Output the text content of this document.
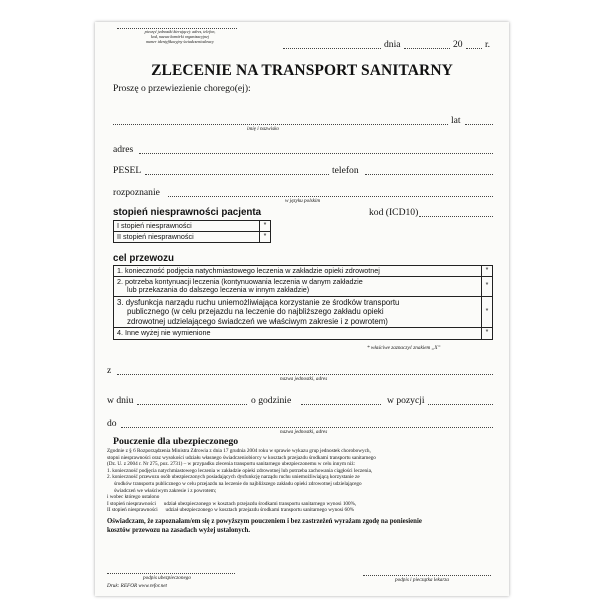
pieczęć jednostki kierującej: adres, telefon,
kod, nazwa komórki organizacyjnej
numer identyfikacyjny świadczeniodawcy	dnia	20 r.
ZLECENIE NA TRANSPORT SANITARNY
Proszę o przewiezienie chorego(ej):
lat
imię i nazwisko
adres
PESEL	telefon
rozpoznanie
w języku polskim
stopień niesprawności pacjenta	kod (ICD10)
I stopień niesprawności	*
II stopień niesprawności	*
cel przewozu
1. konieczność podjęcia natychmiastowego leczenia w zakładzie opieki zdrowotnej	*

2. potrzeba kontynuacji leczenia (kontynuowania leczenia w danym zakładzie
lub przekazania do dalszego leczenia w innym zakładzie)	*

3. dysfunkcja narządu ruchu uniemożliwiająca korzystanie ze środków transportu
publicznego (w celu przejazdu na leczenie do najbliższego zakładu opieki
zdrowotnej udzielającego świadczeń we właściwym zakresie i z powrotem)	*

4. Inne wyżej nie wymienione	*
* właściwe zaznaczyć znakiem „X”
z
nazwa jednostki, adres
w dniu	o godzinie	w pozycji
do
nazwa jednostki, adres
Pouczenie dla ubezpieczonego
Zgodnie z § 6 Rozporządzenia Ministra Zdrowia z dnia 17 grudnia 2004 roku w sprawie wykazu grup jednostek chorobowych,
stopni niesprawności oraz wysokości udziału własnego świadczeniobiorcy w kosztach przejazdu środkami transportu sanitarnego
(Dz. U. z 2004 r. Nr 275, poz. 2731) – w przypadku zlecenia transportu sanitarnego ubezpieczonemu w celu innym niż:
1. konieczność podjęcia natychmiastowego leczenia w zakładzie opieki zdrowotnej lub potrzeba zachowania ciągłości leczenia,
2. konieczność przewozu osób ubezpieczonych posiadających dysfunkcję narządu ruchu uniemożliwiającą korzystanie ze
środków transportu publicznego w celu przejazdu na leczenie do najbliższego zakładu opieki zdrowotnej udzielającego
świadczeń we właściwym zakresie i z powrotem;
i wobec którego ustalono
I stopień niesprawności      udział ubezpieczonego w kosztach przejazdu środkami transportu sanitarnego wynosi 100%,
II stopień niesprawności      udział ubezpieczonego w kosztach przejazdu środkami transportu sanitarnego wynosi 60%
Oświadczam, że zapoznałam/em się z powyższym pouczeniem i bez zastrzeżeń wyrażam zgodę na poniesienie
kosztów przewozu na zasadach wyżej ustalonych.
podpis ubezpieczonego	podpis i pieczątka lekarza
Druk: REFOR www.refor.net
